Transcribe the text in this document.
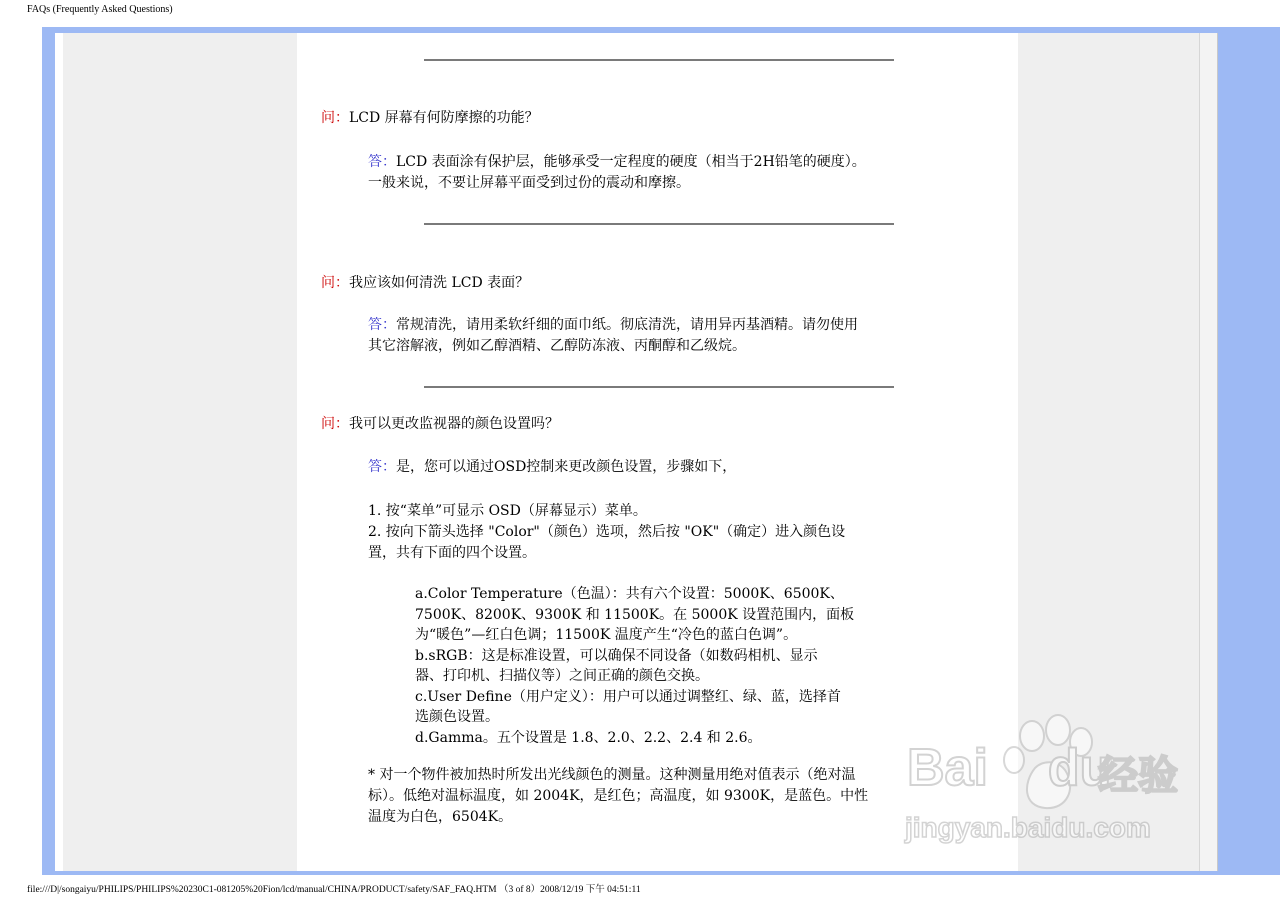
FAQs (Frequently Asked Questions)
问：LCD 屏幕有何防摩擦的功能？
答：LCD 表面涂有保护层，能够承受一定程度的硬度（相当于2H铅笔的硬度）。
一般来说，不要让屏幕平面受到过份的震动和摩擦。
问：我应该如何清洗 LCD 表面？
答：常规清洗，请用柔软纤细的面巾纸。彻底清洗，请用异丙基酒精。请勿使用
其它溶解液，例如乙醇酒精、乙醇防冻液、丙酮醇和乙级烷。
问：我可以更改监视器的颜色设置吗？
答：是，您可以通过OSD控制来更改颜色设置，步骤如下，
1. 按“菜单”可显示 OSD（屏幕显示）菜单。
2. 按向下箭头选择 "Color"（颜色）选项，然后按 "OK"（确定）进入颜色设
置，共有下面的四个设置。
a.Color Temperature（色温）：共有六个设置：5000K、6500K、
7500K、8200K、9300K 和 11500K。在 5000K 设置范围内，面板
为“暖色”—红白色调；11500K 温度产生“冷色的蓝白色调”。
b.sRGB：这是标准设置，可以确保不同设备（如数码相机、显示
器、打印机、扫描仪等）之间正确的颜色交换。
c.User Define（用户定义）：用户可以通过调整红、绿、蓝，选择首
选颜色设置。
d.Gamma。五个设置是 1.8、2.0、2.2、2.4 和 2.6。
* 对一个物件被加热时所发出光线颜色的测量。这种测量用绝对值表示（绝对温
标）。低绝对温标温度，如 2004K，是红色；高温度，如 9300K，是蓝色。中性
温度为白色，6504K。
Bai du
经验
jingyan.baidu.com
file:///D|/songaiyu/PHILIPS/PHILIPS%20230C1-081205%20Fion/lcd/manual/CHINA/PRODUCT/safety/SAF_FAQ.HTM （3 of 8）2008/12/19 下午 04:51:11
